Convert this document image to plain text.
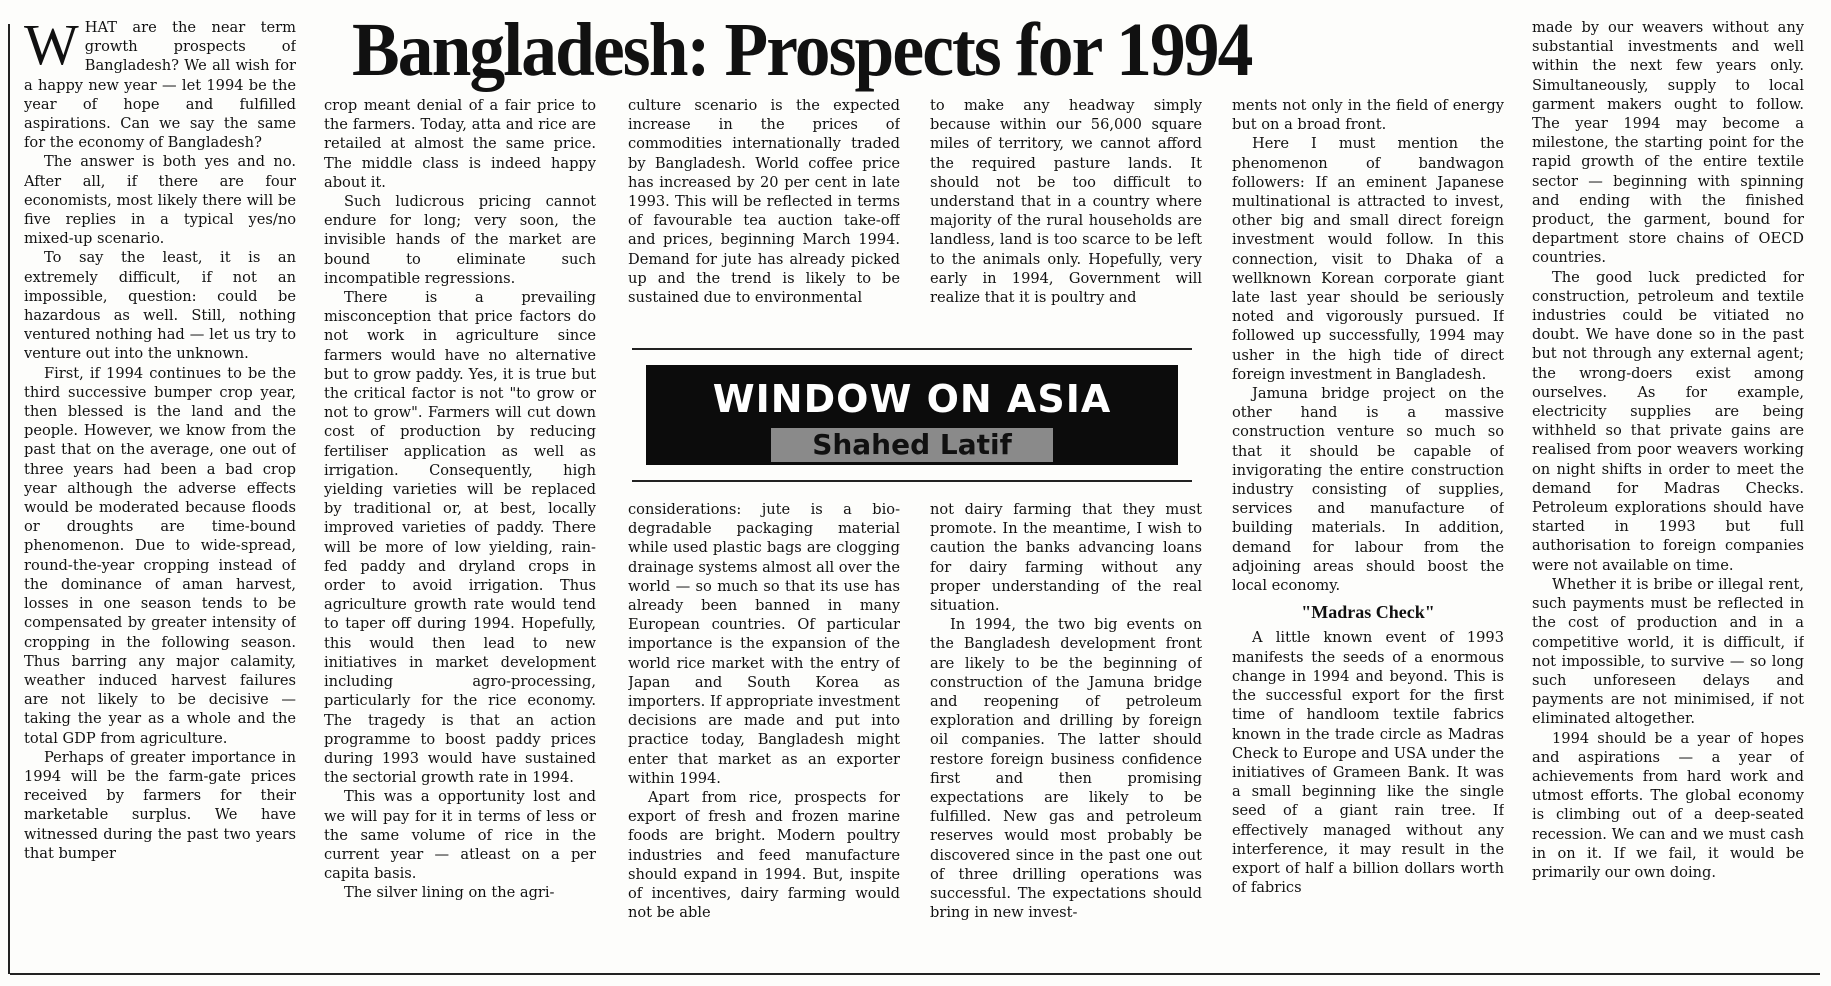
Bangladesh: Prospects for 1994

WHAT are the near term growth prospects of Bangladesh? We all wish for a happy new year — let 1994 be the year of hope and fulfilled aspirations. Can we say the same for the economy of Bangladesh?

The answer is both yes and no. After all, if there are four economists, most likely there will be five replies in a typical yes/no mixed-up scenario.

To say the least, it is an extremely difficult, if not an impossible, question: could be hazardous as well. Still, nothing ventured nothing had — let us try to venture out into the unknown.

First, if 1994 continues to be the third successive bumper crop year, then blessed is the land and the people. However, we know from the past that on the average, one out of three years had been a bad crop year although the adverse effects would be moderated because floods or droughts are time-bound phenomenon. Due to wide-spread, round-the-year cropping instead of the dominance of aman harvest, losses in one season tends to be compensated by greater intensity of cropping in the following season. Thus barring any major calamity, weather induced harvest failures are not likely to be decisive — taking the year as a whole and the total GDP from agriculture.

Perhaps of greater importance in 1994 will be the farm-gate prices received by farmers for their marketable surplus. We have witnessed during the past two years that bumper

crop meant denial of a fair price to the farmers. Today, atta and rice are retailed at almost the same price. The middle class is indeed happy about it.

Such ludicrous pricing cannot endure for long; very soon, the invisible hands of the market are bound to eliminate such incompatible regressions.

There is a prevailing misconception that price factors do not work in agriculture since farmers would have no alternative but to grow paddy. Yes, it is true but the critical factor is not "to grow or not to grow". Farmers will cut down cost of production by reducing fertiliser application as well as irrigation. Consequently, high yielding varieties will be replaced by traditional or, at best, locally improved varieties of paddy. There will be more of low yielding, rain-fed paddy and dryland crops in order to avoid irrigation. Thus agriculture growth rate would tend to taper off during 1994. Hopefully, this would then lead to new initiatives in market development including agro-processing, particularly for the rice economy. The tragedy is that an action programme to boost paddy prices during 1993 would have sustained the sectorial growth rate in 1994.

This was a opportunity lost and we will pay for it in terms of less or the same volume of rice in the current year — atleast on a per capita basis.

The silver lining on the agri-

culture scenario is the expected increase in the prices of commodities internationally traded by Bangladesh. World coffee price has increased by 20 per cent in late 1993. This will be reflected in terms of favourable tea auction take-off and prices, beginning March 1994. Demand for jute has already picked up and the trend is likely to be sustained due to environmental

to make any headway simply because within our 56,000 square miles of territory, we cannot afford the required pasture lands. It should not be too difficult to understand that in a country where majority of the rural households are landless, land is too scarce to be left to the animals only. Hopefully, very early in 1994, Government will realize that it is poultry and

WINDOW ON ASIA
Shahed Latif

considerations: jute is a bio-degradable packaging material while used plastic bags are clogging drainage systems almost all over the world — so much so that its use has already been banned in many European countries. Of particular importance is the expansion of the world rice market with the entry of Japan and South Korea as importers. If appropriate investment decisions are made and put into practice today, Bangladesh might enter that market as an exporter within 1994.

Apart from rice, prospects for export of fresh and frozen marine foods are bright. Modern poultry industries and feed manufacture should expand in 1994. But, inspite of incentives, dairy farming would not be able

not dairy farming that they must promote. In the meantime, I wish to caution the banks advancing loans for dairy farming without any proper understanding of the real situation.

In 1994, the two big events on the Bangladesh development front are likely to be the beginning of construction of the Jamuna bridge and reopening of petroleum exploration and drilling by foreign oil companies. The latter should restore foreign business confidence first and then promising expectations are likely to be fulfilled. New gas and petroleum reserves would most probably be discovered since in the past one out of three drilling operations was successful. The expectations should bring in new invest-

ments not only in the field of energy but on a broad front.

Here I must mention the phenomenon of bandwagon followers: If an eminent Japanese multinational is attracted to invest, other big and small direct foreign investment would follow. In this connection, visit to Dhaka of a wellknown Korean corporate giant late last year should be seriously noted and vigorously pursued. If followed up successfully, 1994 may usher in the high tide of direct foreign investment in Bangladesh.

Jamuna bridge project on the other hand is a massive construction venture so much so that it should be capable of invigorating the entire construction industry consisting of supplies, services and manufacture of building materials. In addition, demand for labour from the adjoining areas should boost the local economy.

"Madras Check"

A little known event of 1993 manifests the seeds of a enormous change in 1994 and beyond. This is the successful export for the first time of handloom textile fabrics known in the trade circle as Madras Check to Europe and USA under the initiatives of Grameen Bank. It was a small beginning like the single seed of a giant rain tree. If effectively managed without any interference, it may result in the export of half a billion dollars worth of fabrics

made by our weavers without any substantial investments and well within the next few years only. Simultaneously, supply to local garment makers ought to follow. The year 1994 may become a milestone, the starting point for the rapid growth of the entire textile sector — beginning with spinning and ending with the finished product, the garment, bound for department store chains of OECD countries.

The good luck predicted for construction, petroleum and textile industries could be vitiated no doubt. We have done so in the past but not through any external agent; the wrong-doers exist among ourselves. As for example, electricity supplies are being withheld so that private gains are realised from poor weavers working on night shifts in order to meet the demand for Madras Checks. Petroleum explorations should have started in 1993 but full authorisation to foreign companies were not available on time.

Whether it is bribe or illegal rent, such payments must be reflected in the cost of production and in a competitive world, it is difficult, if not impossible, to survive — so long such unforeseen delays and payments are not minimised, if not eliminated altogether.

1994 should be a year of hopes and aspirations — a year of achievements from hard work and utmost efforts. The global economy is climbing out of a deep-seated recession. We can and we must cash in on it. If we fail, it would be primarily our own doing.
